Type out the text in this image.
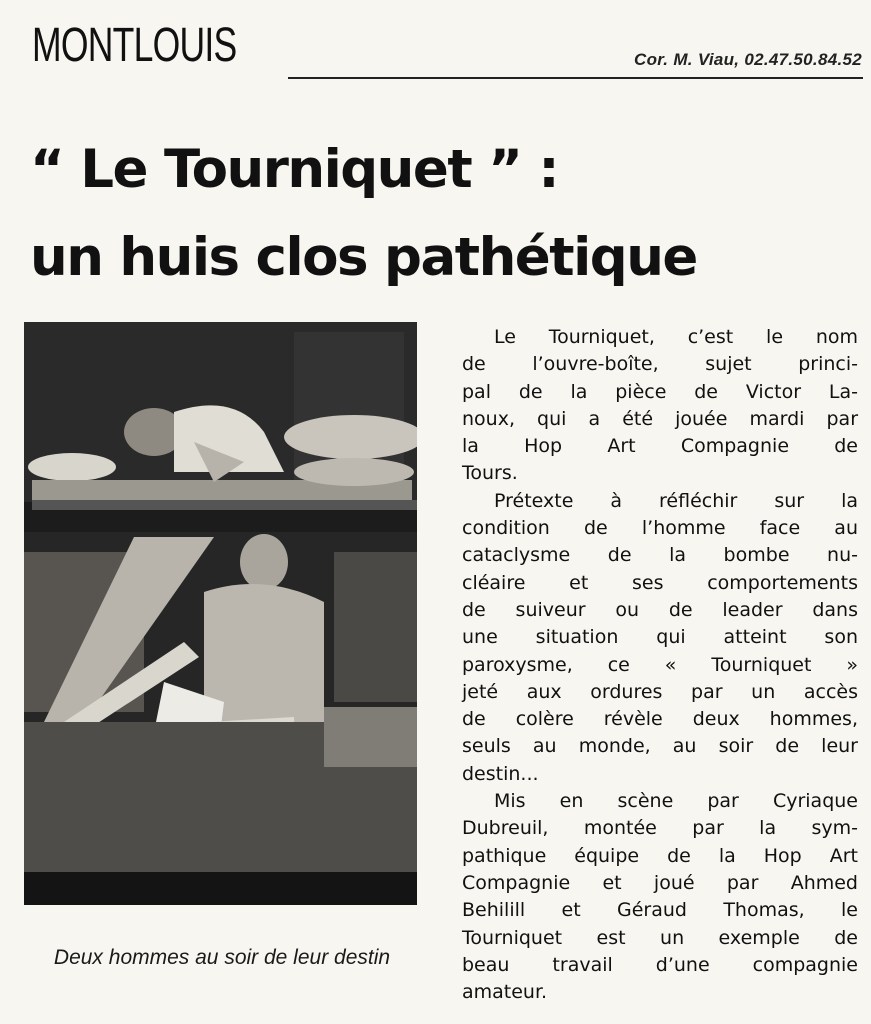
MONTLOUIS	Cor. M. Viau, 02.47.50.84.52
“ Le Tourniquet ” :
un huis clos pathétique
Deux hommes au soir de leur destin

Le Tourniquet, c’est le nom
de l’ouvre-boîte, sujet princi-
pal de la pièce de Victor La-
noux, qui a été jouée mardi par
la Hop Art Compagnie de
Tours.

Prétexte à réfléchir sur la
condition de l’homme face au
cataclysme de la bombe nu-
cléaire et ses comportements
de suiveur ou de leader dans
une situation qui atteint son
paroxysme, ce « Tourniquet »
jeté aux ordures par un accès
de colère révèle deux hommes,
seuls au monde, au soir de leur
destin...

Mis en scène par Cyriaque
Dubreuil, montée par la sym-
pathique équipe de la Hop Art
Compagnie et joué par Ahmed
Behilill et Géraud Thomas, le
Tourniquet est un exemple de
beau travail d’une compagnie
amateur.
